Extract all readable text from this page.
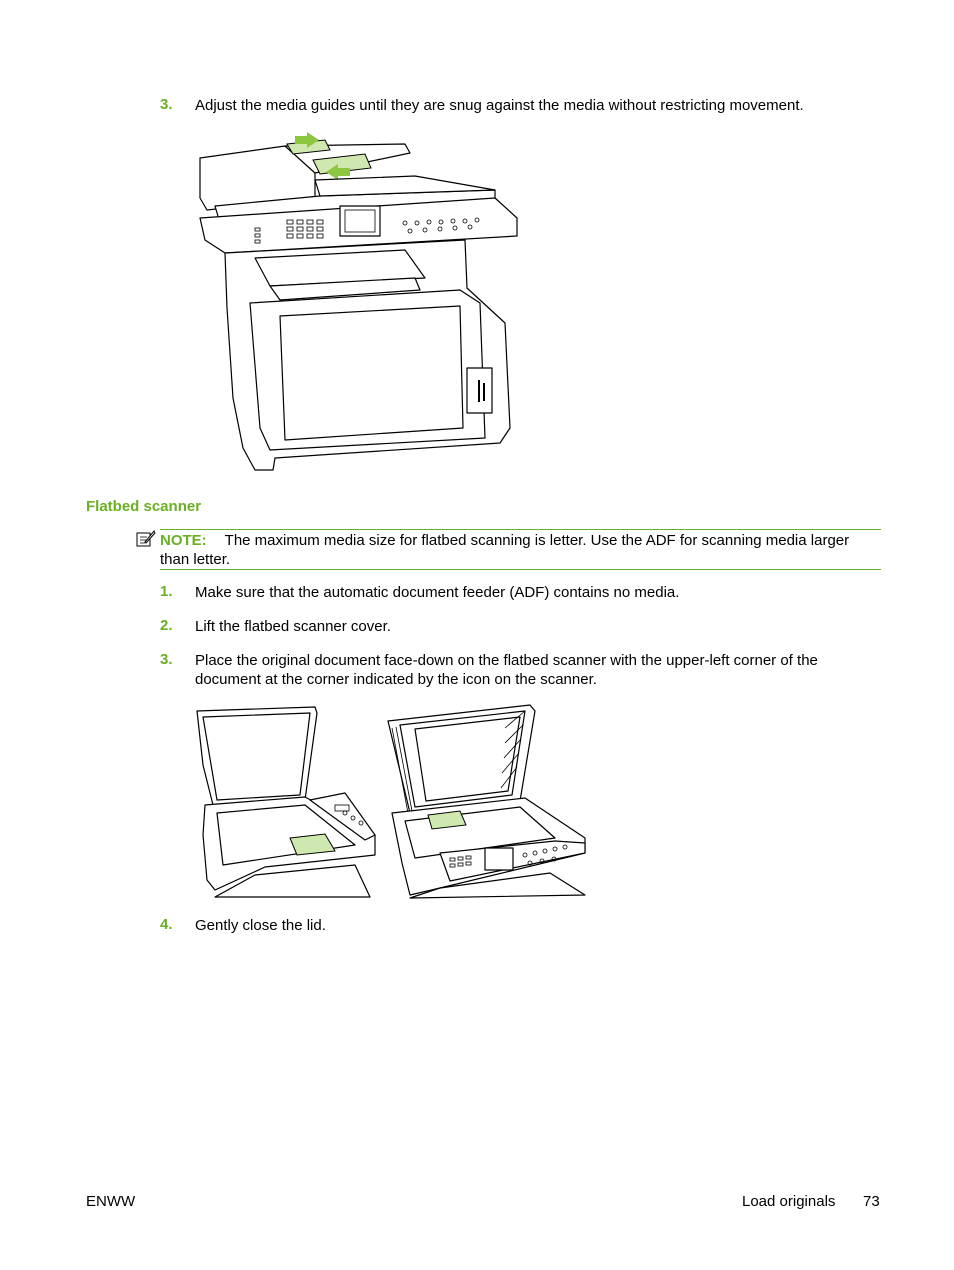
3. Adjust the media guides until they are snug against the media without restricting movement.
Flatbed scanner
NOTE: The maximum media size for flatbed scanning is letter. Use the ADF for scanning media larger
than letter.
1. Make sure that the automatic document feeder (ADF) contains no media.
2. Lift the flatbed scanner cover.
3. Place the original document face-down on the flatbed scanner with the upper-left corner of the
document at the corner indicated by the icon on the scanner.
4. Gently close the lid.
ENWW	Load originals 73
